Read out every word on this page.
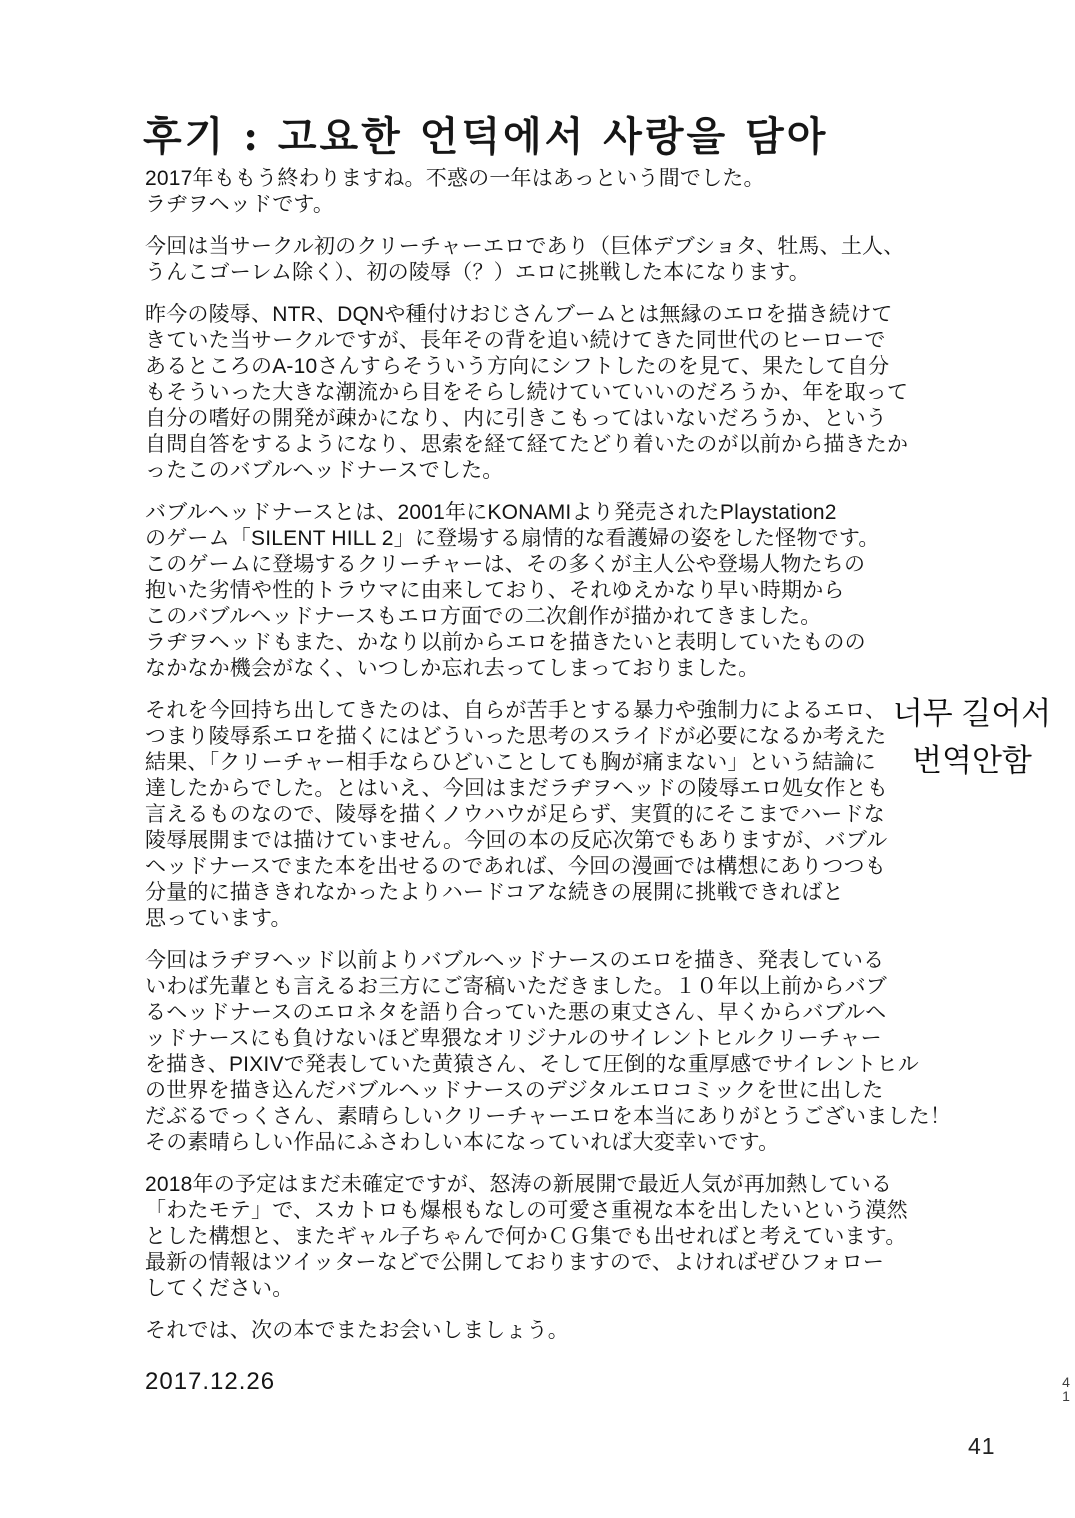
후기 : 고요한 언덕에서 사랑을 담아
2017年ももう終わりますね。不惑の一年はあっという間でした。
ラヂヲヘッドです。
今回は当サークル初のクリーチャーエロであり（巨体デブショタ、牡馬、土人、
うんこゴーレム除く）、初の陵辱（？）エロに挑戦した本になります。
昨今の陵辱、NTR、DQNや種付けおじさんブームとは無縁のエロを描き続けて
きていた当サークルですが、長年その背を追い続けてきた同世代のヒーローで
あるところのA-10さんすらそういう方向にシフトしたのを見て、果たして自分
もそういった大きな潮流から目をそらし続けていていいのだろうか、年を取って
自分の嗜好の開発が疎かになり、内に引きこもってはいないだろうか、という
自問自答をするようになり、思索を経て経てたどり着いたのが以前から描きたか
ったこのバブルヘッドナースでした。
バブルヘッドナースとは、2001年にKONAMIより発売されたPlaystation2
のゲーム「SILENT HILL 2」に登場する扇情的な看護婦の姿をした怪物です。
このゲームに登場するクリーチャーは、その多くが主人公や登場人物たちの
抱いた劣情や性的トラウマに由来しており、それゆえかなり早い時期から
このバブルヘッドナースもエロ方面での二次創作が描かれてきました。
ラヂヲヘッドもまた、かなり以前からエロを描きたいと表明していたものの
なかなか機会がなく、いつしか忘れ去ってしまっておりました。
それを今回持ち出してきたのは、自らが苦手とする暴力や強制力によるエロ、
つまり陵辱系エロを描くにはどういった思考のスライドが必要になるか考えた
結果、「クリーチャー相手ならひどいことしても胸が痛まない」という結論に
達したからでした。とはいえ、今回はまだラヂヲヘッドの陵辱エロ処女作とも
言えるものなので、陵辱を描くノウハウが足らず、実質的にそこまでハードな
陵辱展開までは描けていません。今回の本の反応次第でもありますが、バブル
ヘッドナースでまた本を出せるのであれば、今回の漫画では構想にありつつも
分量的に描ききれなかったよりハードコアな続きの展開に挑戦できればと
思っています。
今回はラヂヲヘッド以前よりバブルヘッドナースのエロを描き、発表している
いわば先輩とも言えるお三方にご寄稿いただきました。１０年以上前からバブ
るヘッドナースのエロネタを語り合っていた悪の東丈さん、早くからバブルヘ
ッドナースにも負けないほど卑猥なオリジナルのサイレントヒルクリーチャー
を描き、PIXIVで発表していた黄猿さん、そして圧倒的な重厚感でサイレントヒル
の世界を描き込んだバブルヘッドナースのデジタルエロコミックを世に出した
だぶるでっくさん、素晴らしいクリーチャーエロを本当にありがとうございました！
その素晴らしい作品にふさわしい本になっていれば大変幸いです。
2018年の予定はまだ未確定ですが、怒涛の新展開で最近人気が再加熱している
「わたモテ」で、スカトロも爆根もなしの可愛さ重視な本を出したいという漠然
とした構想と、またギャル子ちゃんで何かＣＧ集でも出せればと考えています。
最新の情報はツイッターなどで公開しておりますので、よければぜひフォロー
してください。
それでは、次の本でまたお会いしましょう。
2017.12.26
너무 길어서
번역안함
4
1
41
